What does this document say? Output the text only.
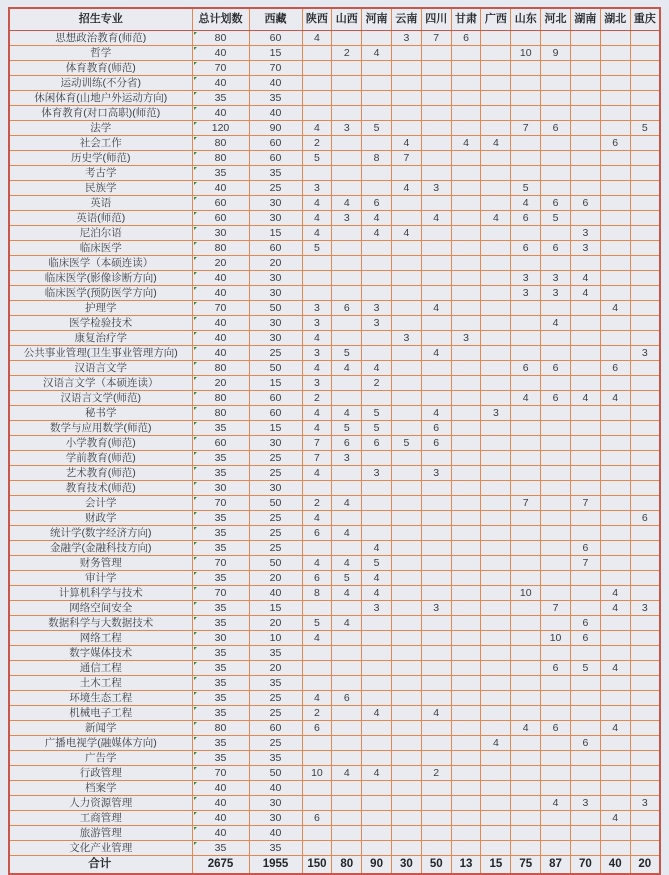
招生专业	总计划数	西藏	陕西	山西	河南	云南	四川	甘肃	广西	山东	河北	湖南	湖北	重庆
思想政治教育(师范)	80	60	4			3	7	6						
哲学	40	15		2	4					10	9			
体育教育(师范)	70	70												
运动训练(不分省)	40	40												
休闲体育(山地户外运动方向)	35	35												
体育教育(对口高职)(师范)	40	40												
法学	120	90	4	3	5					7	6			5
社会工作	80	60	2			4		4	4				6	
历史学(师范)	80	60	5		8	7								
考古学	35	35												
民族学	40	25	3			4	3			5				
英语	60	30	4	4	6					4	6	6		
英语(师范)	60	30	4	3	4		4		4	6	5			
尼泊尔语	30	15	4		4	4						3		
临床医学	80	60	5							6	6	3		
临床医学（本硕连读）	20	20												
临床医学(影像诊断方向)	40	30								3	3	4		
临床医学(预防医学方向)	40	30								3	3	4		
护理学	70	50	3	6	3		4						4	
医学检验技术	40	30	3		3						4			
康复治疗学	40	30	4			3		3						
公共事业管理(卫生事业管理方向)	40	25	3	5			4							3
汉语言文学	80	50	4	4	4					6	6		6	
汉语言文学（本硕连读）	20	15	3		2									
汉语言文学(师范)	80	60	2							4	6	4	4	
秘书学	80	60	4	4	5		4		3					
数学与应用数学(师范)	35	15	4	5	5		6							
小学教育(师范)	60	30	7	6	6	5	6							
学前教育(师范)	35	25	7	3										
艺术教育(师范)	35	25	4		3		3							
教育技术(师范)	30	30												
会计学	70	50	2	4						7		7		
财政学	35	25	4											6
统计学(数字经济方向)	35	25	6	4										
金融学(金融科技方向)	35	25			4							6		
财务管理	70	50	4	4	5							7		
审计学	35	20	6	5	4									
计算机科学与技术	70	40	8	4	4					10			4	
网络空间安全	35	15			3		3				7		4	3
数据科学与大数据技术	35	20	5	4								6		
网络工程	30	10	4								10	6		
数字媒体技术	35	35												
通信工程	35	20									6	5	4	
土木工程	35	35												
环境生态工程	35	25	4	6										
机械电子工程	35	25	2		4		4							
新闻学	80	60	6							4	6		4	
广播电视学(融媒体方向)	35	25							4			6		
广告学	35	35												
行政管理	70	50	10	4	4		2							
档案学	40	40												
人力资源管理	40	30									4	3		3
工商管理	40	30	6										4	
旅游管理	40	40												
文化产业管理	35	35												
合计	2675	1955	150	80	90	30	50	13	15	75	87	70	40	20
